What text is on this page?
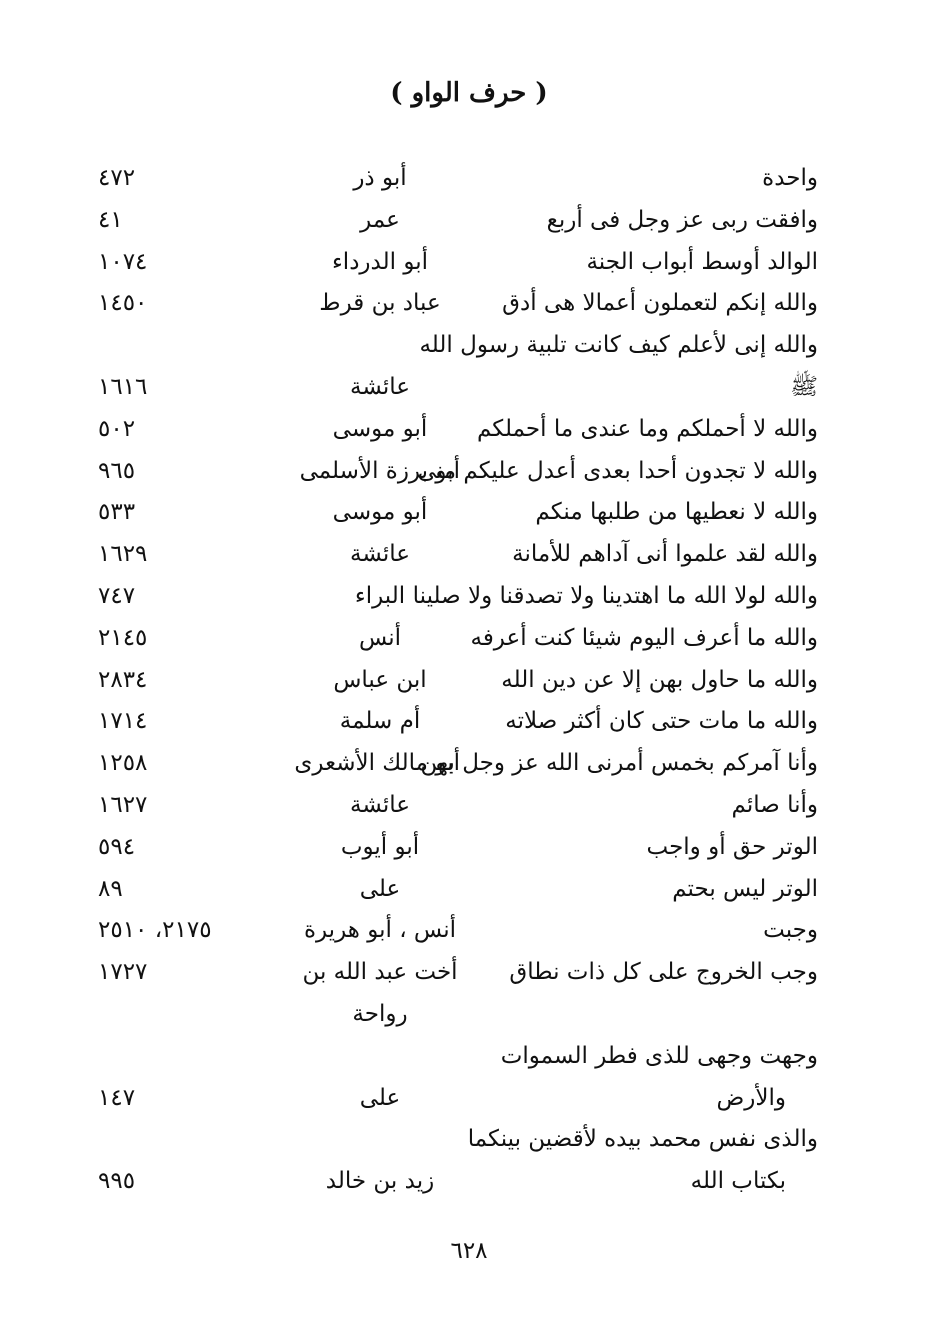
( حرف الواو )
واحدة
أبو ذر
٤٧٢
وافقت ربى عز وجل فى أربع
عمر
٤١
الوالد أوسط أبواب الجنة
أبو الدرداء
١٠٧٤
والله إنكم لتعملون أعمالا هى أدق
عباد بن قرط
١٤٥٠
والله إنى لأعلم كيف كانت تلبية رسول الله
ﷺ
عائشة
١٦١٦
والله لا أحملكم وما عندى ما أحملكم
أبو موسى
٥٠٢
والله لا تجدون أحدا بعدى أعدل عليكم منى
أبو برزة الأسلمى
٩٦٥
والله لا نعطيها من طلبها منكم
أبو موسى
٥٣٣
والله لقد علموا أنى آداهم للأمانة
عائشة
١٦٢٩
والله لولا الله ما اهتدينا ولا تصدقنا ولا صلينا
البراء
٧٤٧
والله ما أعرف اليوم شيئا كنت أعرفه
أنس
٢١٤٥
والله ما حاول بهن إلا عن دين الله
ابن عباس
٢٨٣٤
والله ما مات حتى كان أكثر صلاته
أم سلمة
١٧١٤
وأنا آمركم بخمس أمرنى الله عز وجل بهن
أبو مالك الأشعرى
١٢٥٨
وأنا صائم
عائشة
١٦٢٧
الوتر حق أو واجب
أبو أيوب
٥٩٤
الوتر ليس بحتم
على
٨٩
وجبت
أنس ، أبو هريرة
٢١٧٥، ٢٥١٠
وجب الخروج على كل ذات نطاق
أخت عبد الله بن
١٧٢٧
رواحة
وجهت وجهى للذى فطر السموات
والأرض
على
١٤٧
والذى نفس محمد بيده لأقضين بينكما
بكتاب الله
زيد بن خالد
٩٩٥
٦٢٨
